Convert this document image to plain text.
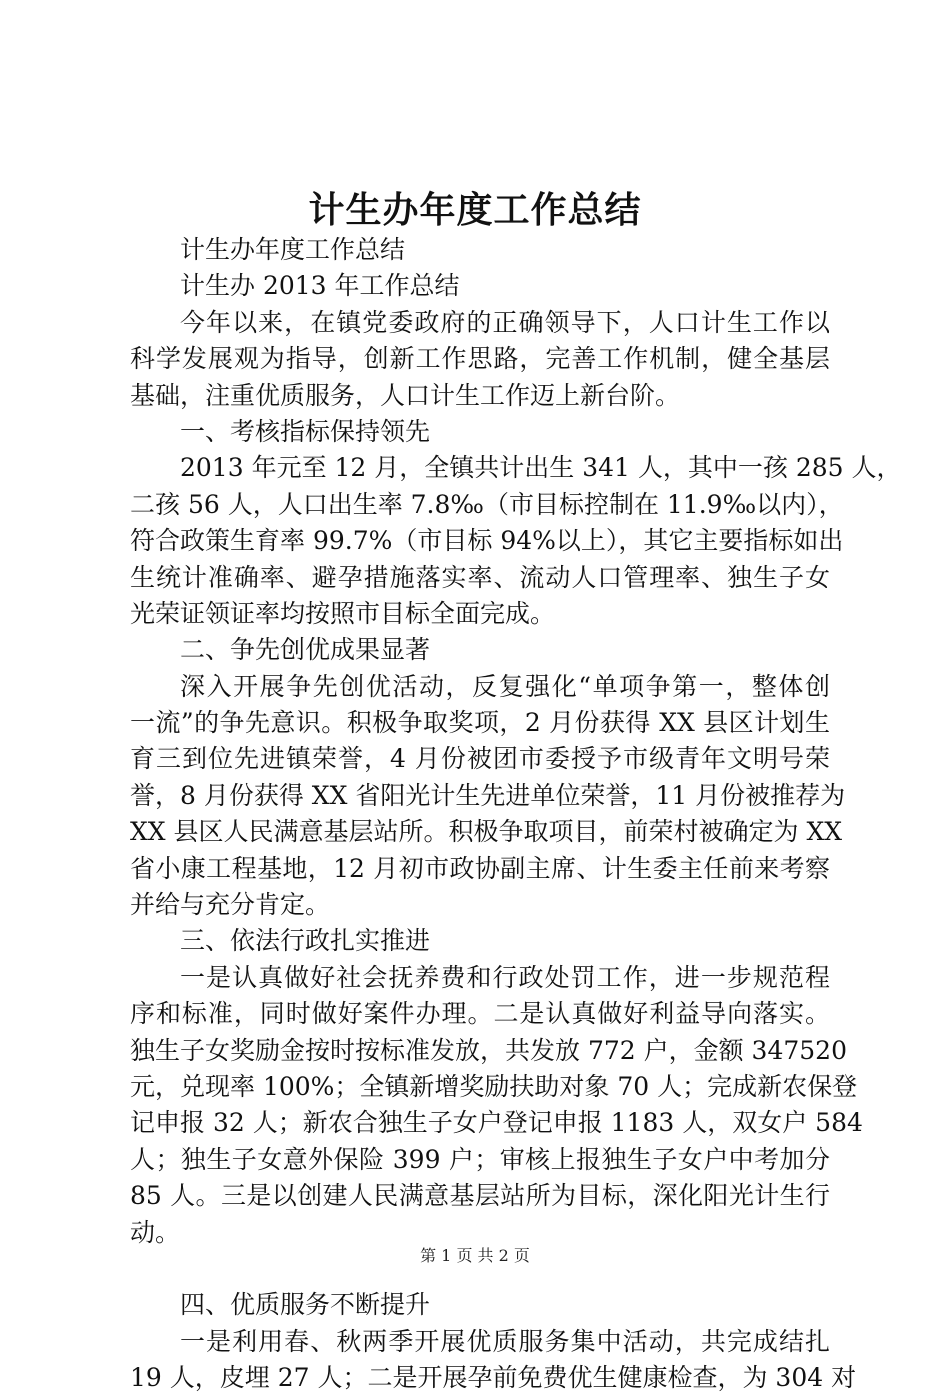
计生办年度工作总结
计生办年度工作总结
计生办 2013 年工作总结
今年以来，在镇党委政府的正确领导下，人口计生工作以
科学发展观为指导，创新工作思路，完善工作机制，健全基层
基础，注重优质服务，人口计生工作迈上新台阶。
一、考核指标保持领先
2013 年元至 12 月，全镇共计出生 341 人，其中一孩 285 人，
二孩 56 人，人口出生率 7.8‰（市目标控制在 11.9‰以内），
符合政策生育率 99.7%（市目标 94%以上），其它主要指标如出
生统计准确率、避孕措施落实率、流动人口管理率、独生子女
光荣证领证率均按照市目标全面完成。
二、争先创优成果显著
深入开展争先创优活动，反复强化“单项争第一，整体创
一流”的争先意识。积极争取奖项，2 月份获得 XX 县区计划生
育三到位先进镇荣誉，4 月份被团市委授予市级青年文明号荣
誉，8 月份获得 XX 省阳光计生先进单位荣誉，11 月份被推荐为
XX 县区人民满意基层站所。积极争取项目，前荣村被确定为 XX
省小康工程基地，12 月初市政协副主席、计生委主任前来考察
并给与充分肯定。
三、依法行政扎实推进
一是认真做好社会抚养费和行政处罚工作，进一步规范程
序和标准，同时做好案件办理。二是认真做好利益导向落实。
独生子女奖励金按时按标准发放，共发放 772 户，金额 347520
元，兑现率 100%；全镇新增奖励扶助对象 70 人；完成新农保登
记申报 32 人；新农合独生子女户登记申报 1183 人，双女户 584
人；独生子女意外保险 399 户；审核上报独生子女户中考加分
85 人。三是以创建人民满意基层站所为目标，深化阳光计生行
动。
四、优质服务不断提升
一是利用春、秋两季开展优质服务集中活动，共完成结扎
19 人，皮埋 27 人；二是开展孕前免费优生健康检查，为 304 对
第 1 页 共 2 页
